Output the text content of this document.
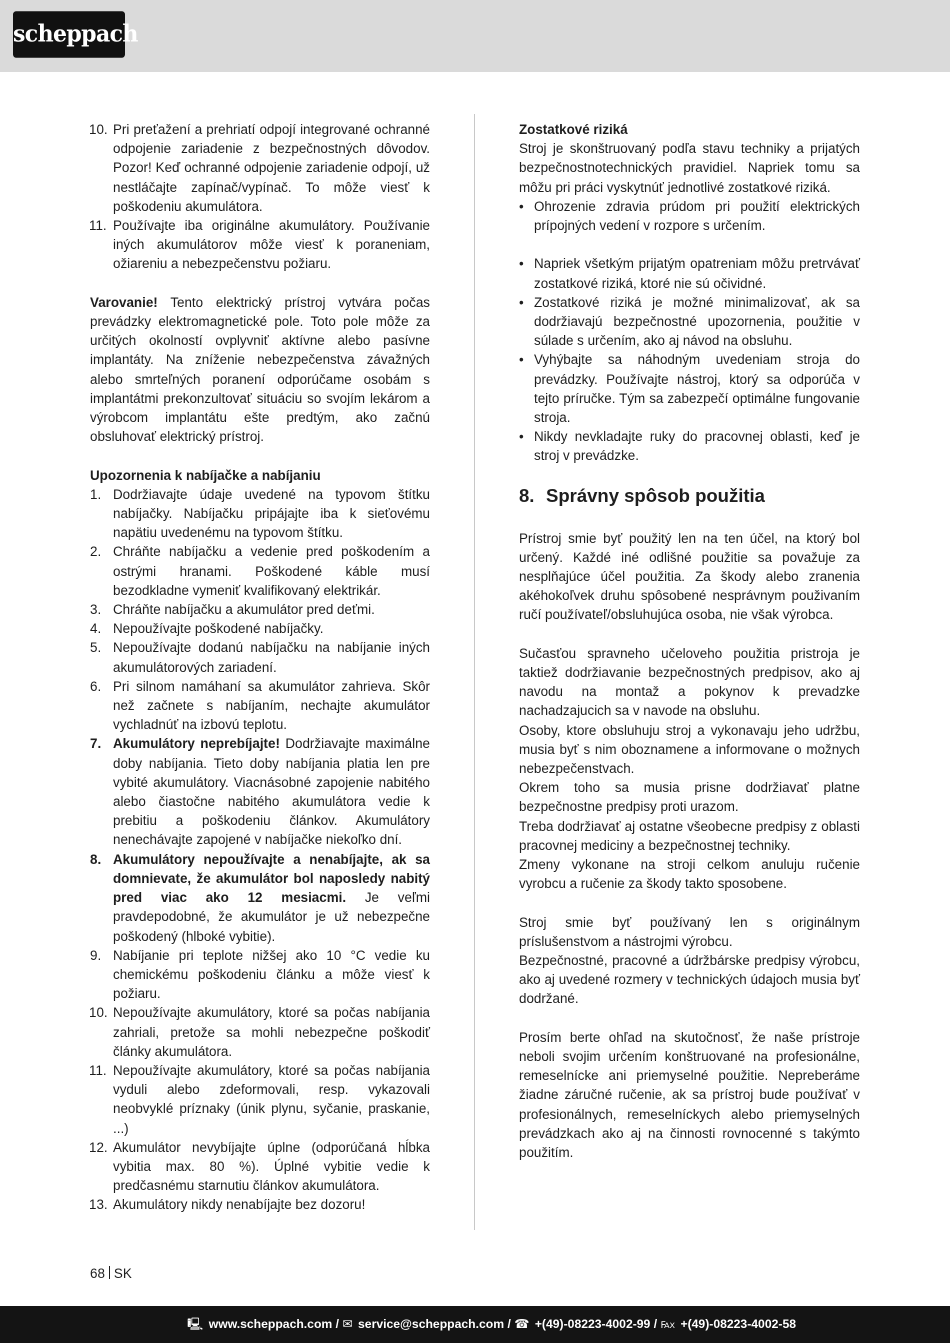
scheppach
10. Pri preťažení a prehriatí odpojí integrované ochranné odpojenie zariadenie z bezpečnostných dôvodov. Pozor! Keď ochranné odpojenie zariadenie odpojí, už nestláčajte zapínač/vypínač. To môže viesť k poškodeniu akumulátora.
11. Používajte iba originálne akumulátory. Používanie iných akumulátorov môže viesť k poraneniam, ožiareniu a nebezpečenstvu požiaru.

Varovanie! Tento elektrický prístroj vytvára počas prevádzky elektromagnetické pole. Toto pole môže za určitých okolností ovplyvniť aktívne alebo pasívne implantáty. Na zníženie nebezpečenstva závažných alebo smrteľných poranení odporúčame osobám s implantátmi prekonzultovať situáciu so svojím lekárom a výrobcom implantátu ešte predtým, ako začnú obsluhovať elektrický prístroj.

Upozornenia k nabíjačke a nabíjaniu
1. Dodržiavajte údaje uvedené na typovom štítku nabíjačky. Nabíjačku pripájajte iba k sieťovému napätiu uvedenému na typovom štítku.
2. Chráňte nabíjačku a vedenie pred poškodením a ostrými hranami. Poškodené káble musí bezodkladne vymeniť kvalifikovaný elektrikár.
3. Chráňte nabíjačku a akumulátor pred deťmi.
4. Nepoužívajte poškodené nabíjačky.
5. Nepoužívajte dodanú nabíjačku na nabíjanie iných akumulátorových zariadení.
6. Pri silnom namáhaní sa akumulátor zahrieva. Skôr než začnete s nabíjaním, nechajte akumulátor vychladnúť na izbovú teplotu.
7. Akumulátory neprebíjajte! Dodržiavajte maximálne doby nabíjania. Tieto doby nabíjania platia len pre vybité akumulátory. Viacnásobné zapojenie nabitého alebo čiastočne nabitého akumulátora vedie k prebitiu a poškodeniu článkov. Akumulátory nenechávajte zapojené v nabíjačke niekoľko dní.
8. Akumulátory nepoužívajte a nenabíjajte, ak sa domnievate, že akumulátor bol naposledy nabitý pred viac ako 12 mesiacmi. Je veľmi pravdepodobné, že akumulátor je už nebezpečne poškodený (hlboké vybitie).
9. Nabíjanie pri teplote nižšej ako 10 °C vedie ku chemickému poškodeniu článku a môže viesť k požiaru.
10. Nepoužívajte akumulátory, ktoré sa počas nabíjania zahriali, pretože sa mohli nebezpečne poškodiť články akumulátora.
11. Nepoužívajte akumulátory, ktoré sa počas nabíjania vyduli alebo zdeformovali, resp. vykazovali neobvyklé príznaky (únik plynu, syčanie, praskanie, ...)
12. Akumulátor nevybíjajte úplne (odporúčaná hĺbka vybitia max. 80 %). Úplné vybitie vedie k predčasnému starnutiu článkov akumulátora.
13. Akumulátory nikdy nenabíjajte bez dozoru!
Zostatkové riziká

Stroj je skonštruovaný podľa stavu techniky a prijatých bezpečnostnotechnických pravidiel. Napriek tomu sa môžu pri práci vyskytnúť jednotlivé zostatkové riziká.

• Ohrozenie zdravia prúdom pri použití elektrických prípojných vedení v rozpore s určením.
• Napriek všetkým prijatým opatreniam môžu pretrvávať zostatkové riziká, ktoré nie sú očividné.
• Zostatkové riziká je možné minimalizovať, ak sa dodržiavajú bezpečnostné upozornenia, použitie v súlade s určením, ako aj návod na obsluhu.
• Vyhýbajte sa náhodným uvedeniam stroja do prevádzky. Používajte nástroj, ktorý sa odporúča v tejto príručke. Tým sa zabezpečí optimálne fungovanie stroja.
• Nikdy nevkladajte ruky do pracovnej oblasti, keď je stroj v prevádzke.
8. Správny spôsob použitia

Prístroj smie byť použitý len na ten účel, na ktorý bol určený. Každé iné odlišné použitie sa považuje za nesplňajúce účel použitia. Za škody alebo zranenia akéhokoľvek druhu spôsobené nesprávnym použivaním ručí používateľ/obsluhujúca osoba, nie však výrobca.

Sučasťou spravneho učeloveho použitia pristroja je taktiež dodržiavanie bezpečnostných predpisov, ako aj navodu na montaž a pokynov k prevadzke nachadzajucich sa v navode na obsluhu.

Osoby, ktore obsluhuju stroj a vykonavaju jeho udržbu, musia byť s nim oboznamene a informovane o možnych nebezpečenstvach.

Okrem toho sa musia prisne dodržiavať platne bezpečnostne predpisy proti urazom.

Treba dodržiavať aj ostatne všeobecne predpisy z oblasti pracovnej mediciny a bezpečnostnej techniky.

Zmeny vykonane na stroji celkom anuluju ručenie vyrobcu a ručenie za škody takto sposobene.

Stroj smie byť používaný len s originálnym príslušenstvom a nástrojmi výrobcu.

Bezpečnostné, pracovné a údržbárske predpisy výrobcu, ako aj uvedené rozmery v technických údajoch musia byť dodržané.

Prosím berte ohľad na skutočnosť, že naše prístroje neboli svojim určením konštruované na profesionálne, remeselnícke ani priemyselné použitie. Nepreberáme žiadne záručné ručenie, ak sa prístroj bude používať v profesionálnych, remeselníckych alebo priemyselných prevádzkach ako aj na činnosti rovnocenné s takýmto použitím.

68 SK
🖳 www.scheppach.com / ✉ service@scheppach.com / ☎ +(49)-08223-4002-99 / ℻ +(49)-08223-4002-58
